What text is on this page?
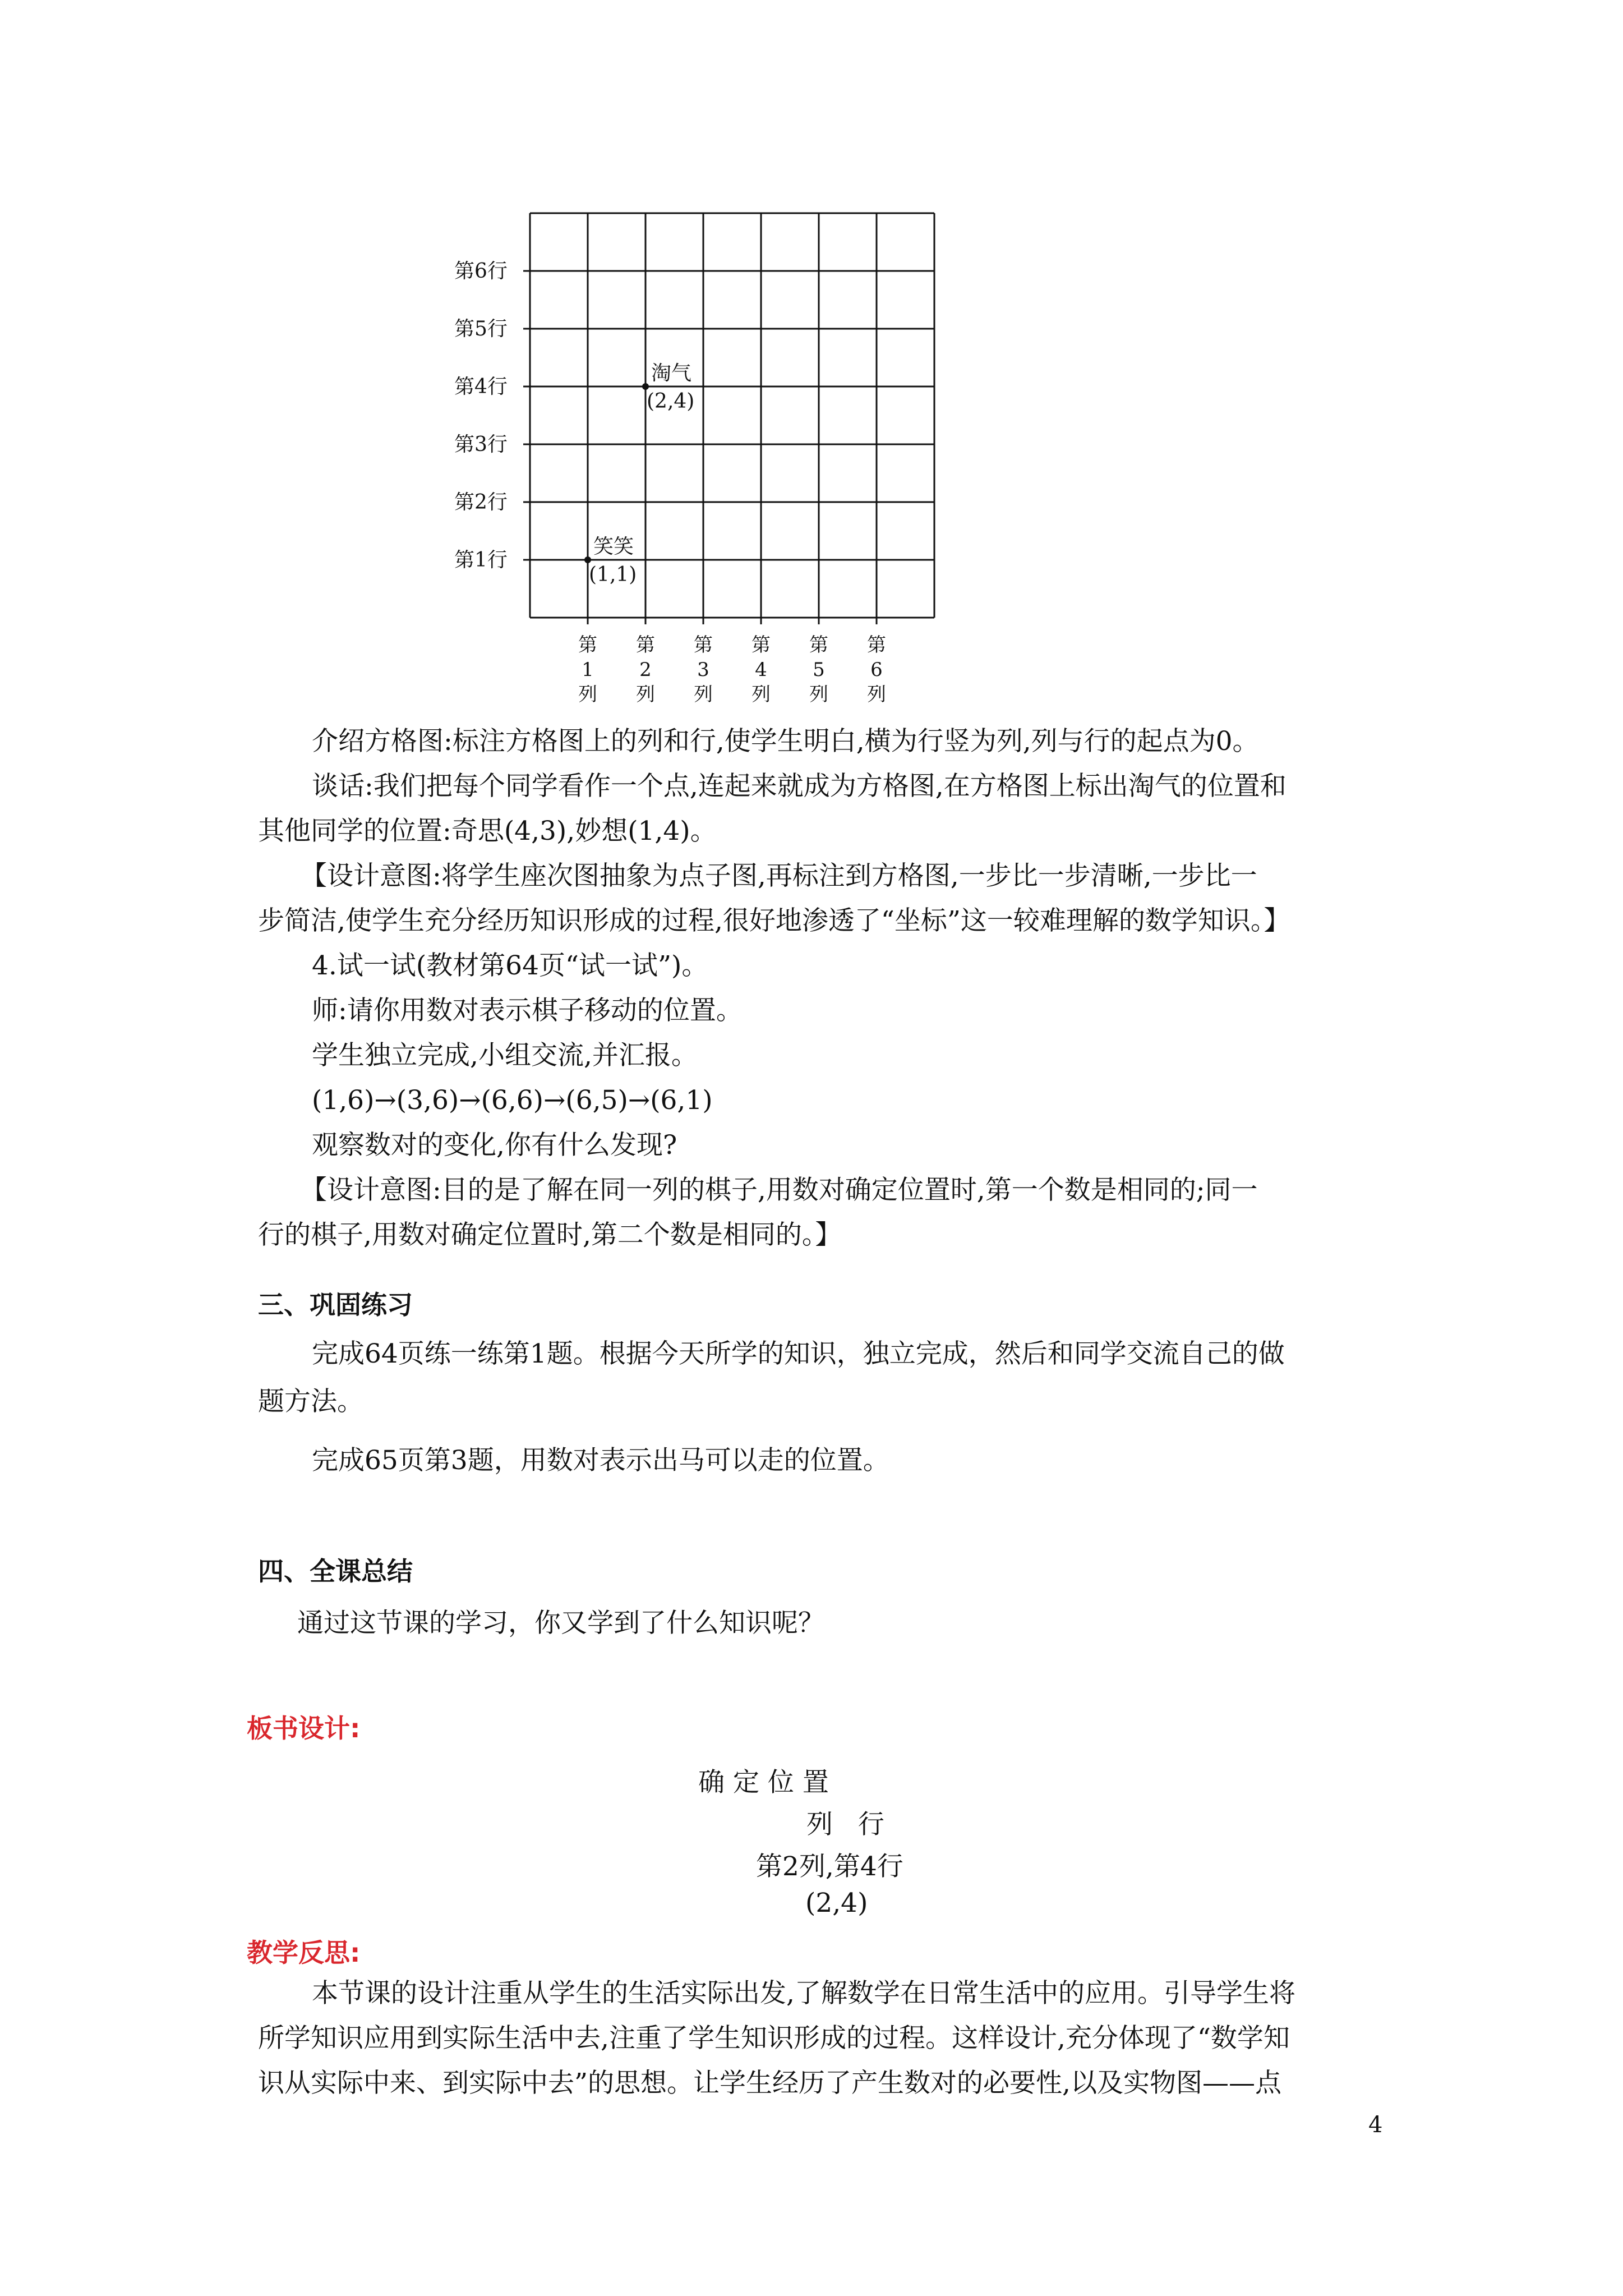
第6行
第5行
第4行
第3行
第2行
第1行
第
1
列
第
2
列
第
3
列
第
4
列
第
5
列
第
6
列
淘气
(2,4)
笑笑
(1,1)
介绍方格图:标注方格图上的列和行,使学生明白,横为行竖为列,列与行的起点为0。
谈话:我们把每个同学看作一个点,连起来就成为方格图,在方格图上标出淘气的位置和
其他同学的位置:奇思(4,3),妙想(1,4)。
【设计意图:将学生座次图抽象为点子图,再标注到方格图,一步比一步清晰,一步比一
步简洁,使学生充分经历知识形成的过程,很好地渗透了“坐标”这一较难理解的数学知识。】
4.试一试(教材第64页“试一试”)。
师:请你用数对表示棋子移动的位置。
学生独立完成,小组交流,并汇报。
(1,6)→(3,6)→(6,6)→(6,5)→(6,1)
观察数对的变化,你有什么发现?
【设计意图:目的是了解在同一列的棋子,用数对确定位置时,第一个数是相同的;同一
行的棋子,用数对确定位置时,第二个数是相同的。】
三、巩固练习
完成64页练一练第1题。根据今天所学的知识，独立完成，然后和同学交流自己的做
题方法。
完成65页第3题，用数对表示出马可以走的位置。
四、全课总结
通过这节课的学习，你又学到了什么知识呢？
板书设计:
确 定 位 置
列   行
第2列,第4行
(2,4)
教学反思:
本节课的设计注重从学生的生活实际出发,了解数学在日常生活中的应用。引导学生将
所学知识应用到实际生活中去,注重了学生知识形成的过程。这样设计,充分体现了“数学知
识从实际中来、到实际中去”的思想。让学生经历了产生数对的必要性,以及实物图——点
4
